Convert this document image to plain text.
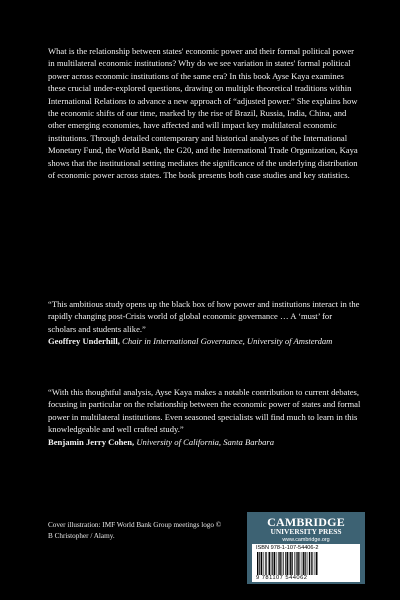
What is the relationship between states' economic power and their formal political power in multilateral economic institutions? Why do we see variation in states' formal political power across economic institutions of the same era? In this book Ayse Kaya examines these crucial under-explored questions, drawing on multiple theoretical traditions within International Relations to advance a new approach of “adjusted power.” She explains how the economic shifts of our time, marked by the rise of Brazil, Russia, India, China, and other emerging economies, have affected and will impact key multilateral economic institutions. Through detailed contemporary and historical analyses of the International Monetary Fund, the World Bank, the G20, and the International Trade Organization, Kaya shows that the institutional setting mediates the significance of the underlying distribution of economic power across states. The book presents both case studies and key statistics.

“This ambitious study opens up the black box of how power and institutions interact in the rapidly changing post-Crisis world of global economic governance … A ‘must’ for scholars and students alike.”
Geoffrey Underhill, Chair in International Governance, University of Amsterdam
“With this thoughtful analysis, Ayse Kaya makes a notable contribution to current debates, focusing in particular on the relationship between the economic power of states and formal power in multilateral institutions. Even seasoned specialists will find much to learn in this knowledgeable and well crafted study.”
Benjamin Jerry Cohen, University of California, Santa Barbara

Cover illustration: IMF World Bank Group meetings logo © B Christopher / Alamy.

CAMBRIDGE
UNIVERSITY PRESS
www.cambridge.org
ISBN 978-1-107-54406-2
9 781107 544062
